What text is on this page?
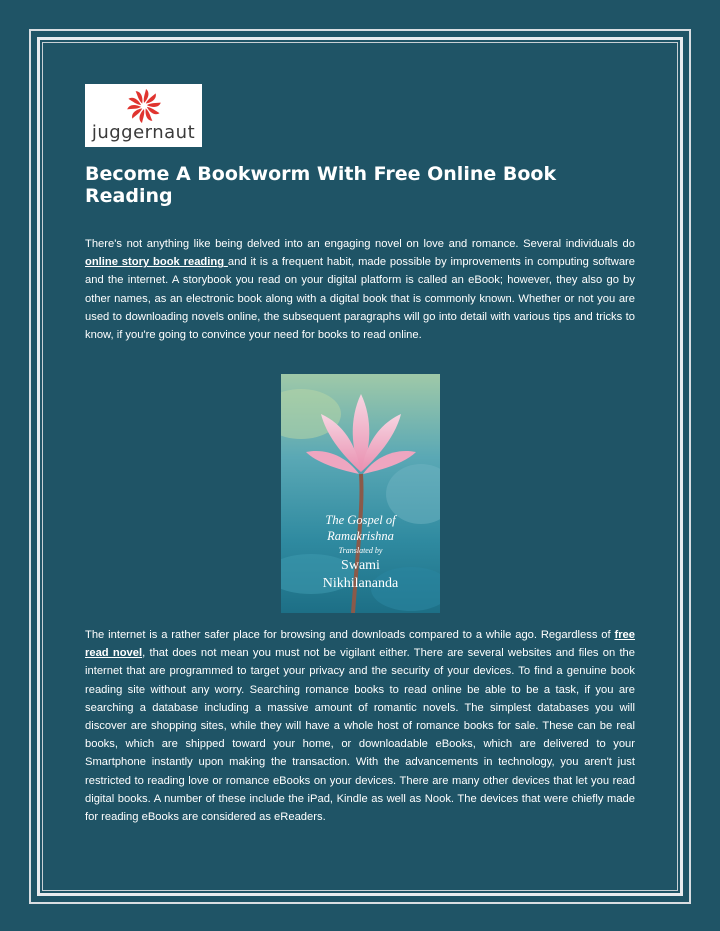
juggernaut
Become A Bookworm With Free Online Book Reading

There's not anything like being delved into an engaging novel on love and romance. Several individuals do online story book reading and it is a frequent habit, made possible by improvements in computing software and the internet. A storybook you read on your digital platform is called an eBook; however, they also go by other names, as an electronic book along with a digital book that is commonly known. Whether or not you are used to downloading novels online, the subsequent paragraphs will go into detail with various tips and tricks to know, if you're going to convince your need for books to read online.

The Gospel of
Ramakrishna
Translated by
Swami
Nikhilananda

The internet is a rather safer place for browsing and downloads compared to a while ago. Regardless of free read novel, that does not mean you must not be vigilant either. There are several websites and files on the internet that are programmed to target your privacy and the security of your devices. To find a genuine book reading site without any worry. Searching romance books to read online be able to be a task, if you are searching a database including a massive amount of romantic novels. The simplest databases you will discover are shopping sites, while they will have a whole host of romance books for sale. These can be real books, which are shipped toward your home, or downloadable eBooks, which are delivered to your Smartphone instantly upon making the transaction. With the advancements in technology, you aren't just restricted to reading love or romance eBooks on your devices. There are many other devices that let you read digital books. A number of these include the iPad, Kindle as well as Nook. The devices that were chiefly made for reading eBooks are considered as eReaders.
